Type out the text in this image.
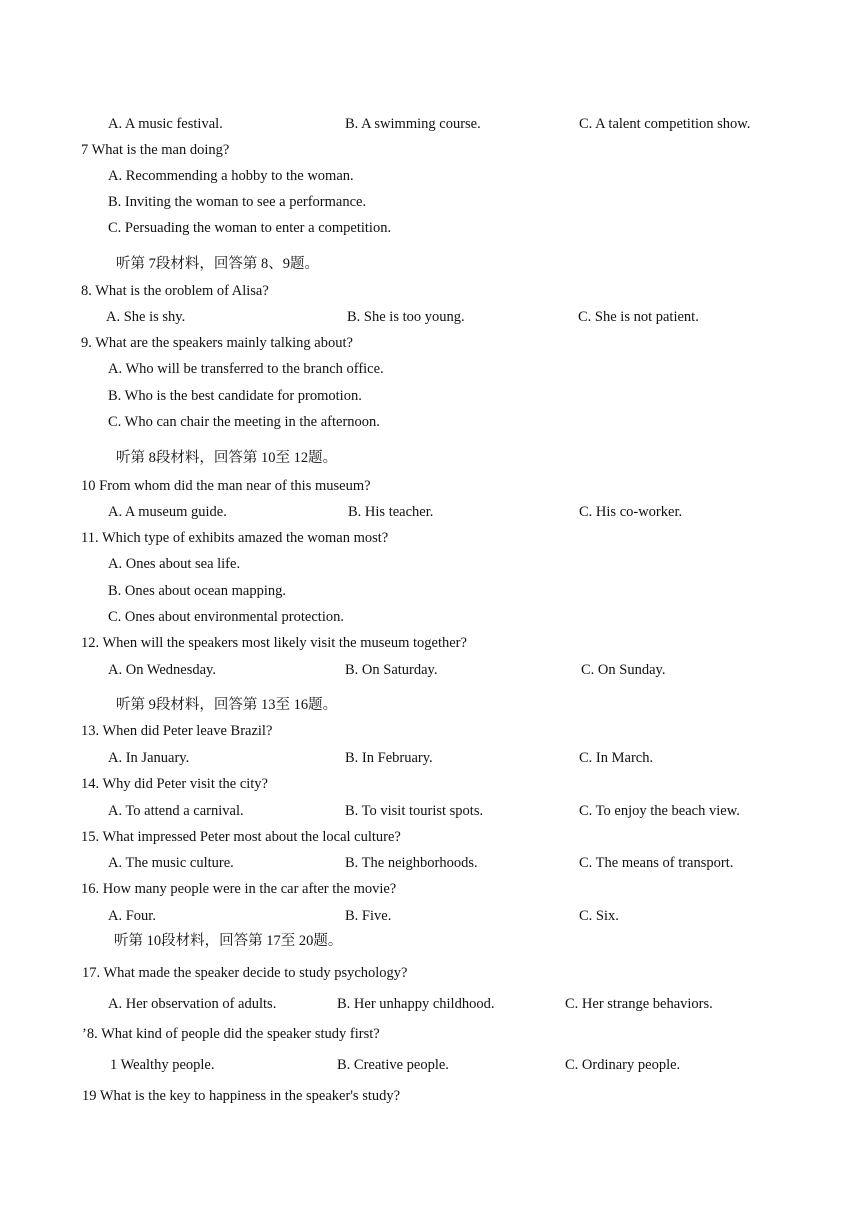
A. A music festival.	B. A swimming course.	C. A talent competition show.
7 What is the man doing?
A. Recommending a hobby to the woman.
B. Inviting the woman to see a performance.
C. Persuading the woman to enter a competition.
听第 7段材料，回答第 8、9题。
8. What is the oroblem of Alisa?
A. She is shy.	B. She is too young.	C. She is not patient.
9. What are the speakers mainly talking about?
A. Who will be transferred to the branch office.
B. Who is the best candidate for promotion.
C. Who can chair the meeting in the afternoon.
听第 8段材料，回答第 10至 12题。
10 From whom did the man near of this museum?
A. A museum guide.	B. His teacher.	C. His co-worker.
11. Which type of exhibits amazed the woman most?
A. Ones about sea life.
B. Ones about ocean mapping.
C. Ones about environmental protection.
12. When will the speakers most likely visit the museum together?
A. On Wednesday.	B. On Saturday.	C. On Sunday.
听第 9段材料，回答第 13至 16题。
13. When did Peter leave Brazil?
A. In January.	B. In February.	C. In March.
14. Why did Peter visit the city?
A. To attend a carnival.	B. To visit tourist spots.	C. To enjoy the beach view.
15. What impressed Peter most about the local culture?
A. The music culture.	B. The neighborhoods.	C. The means of transport.
16. How many people were in the car after the movie?
A. Four.	B. Five.	C. Six.
听第 10段材料，回答第 17至 20题。
17. What made the speaker decide to study psychology?
A. Her observation of adults.	B. Her unhappy childhood.	C. Her strange behaviors.
’8. What kind of people did the speaker study first?
1 Wealthy people.	B. Creative people.	C. Ordinary people.
19 What is the key to happiness in the speaker's study?
